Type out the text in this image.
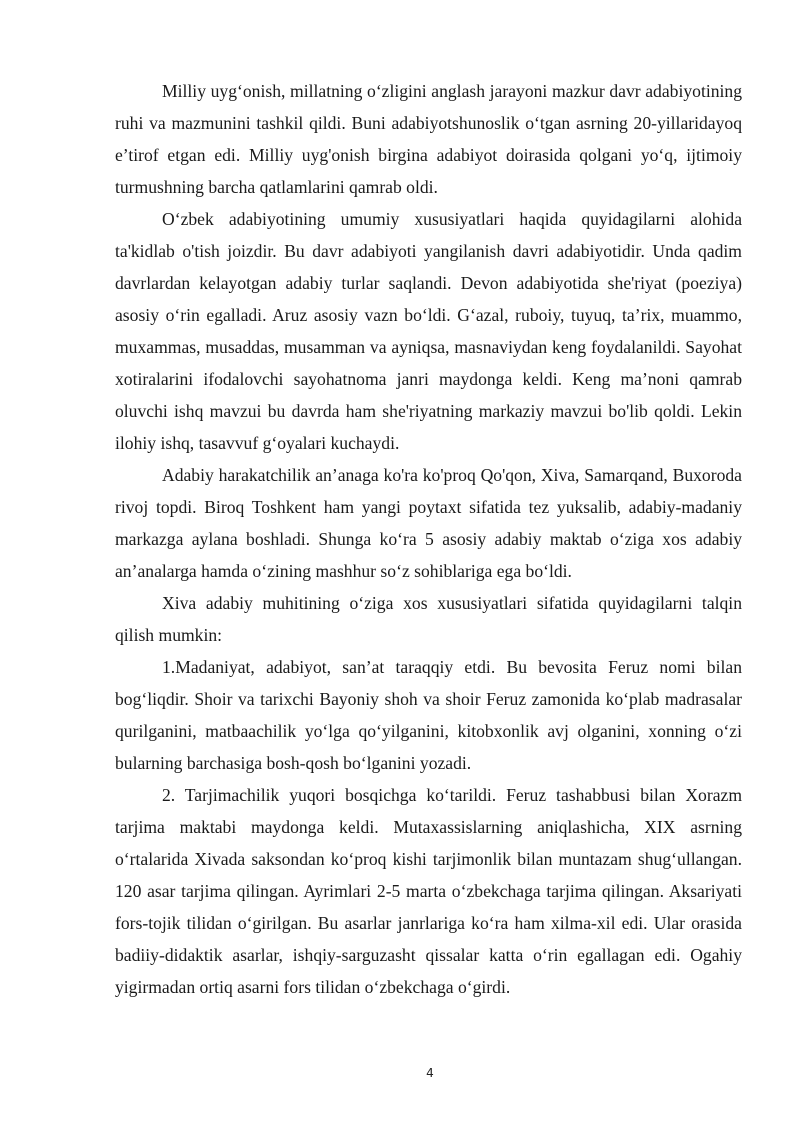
Milliy uyg‘onish, millatning o‘zligini anglash jarayoni mazkur davr adabiyotining ruhi va mazmunini tashkil qildi. Buni adabiyotshunoslik o‘tgan asrning 20-yillaridayoq e’tirof etgan edi. Milliy uyg'onish birgina adabiyot doirasida qolgani yo‘q, ijtimoiy turmushning barcha qatlamlarini qamrab oldi.

O‘zbek adabiyotining umumiy xususiyatlari haqida quyidagilarni alohida ta'kidlab o'tish joizdir. Bu davr adabiyoti yangilanish davri adabiyotidir. Unda qadim davrlardan kelayotgan adabiy turlar saqlandi. Devon adabiyotida she'riyat (poeziya) asosiy o‘rin egalladi. Aruz asosiy vazn bo‘ldi. G‘azal, ruboiy, tuyuq, ta’rix, muammo, muxammas, musaddas, musamman va ayniqsa, masnaviydan keng foydalanildi. Sayohat xotiralarini ifodalovchi sayohatnoma janri maydonga keldi. Keng ma’noni qamrab oluvchi ishq mavzui bu davrda ham she'riyatning markaziy mavzui bo'lib qoldi. Lekin ilohiy ishq, tasavvuf g‘oyalari kuchaydi.

Adabiy harakatchilik an’anaga ko'ra ko'proq Qo'qon, Xiva, Samarqand, Buxoroda rivoj topdi. Biroq Toshkent ham yangi poytaxt sifatida tez yuksalib, adabiy-madaniy markazga aylana boshladi. Shunga ko‘ra 5 asosiy adabiy maktab o‘ziga xos adabiy an’analarga hamda o‘zining mashhur so‘z sohiblariga ega bo‘ldi.

Xiva adabiy muhitining o‘ziga xos xususiyatlari sifatida quyidagilarni talqin qilish mumkin:

1.Madaniyat, adabiyot, san’at taraqqiy etdi. Bu bevosita Feruz nomi bilan bog‘liqdir. Shoir va tarixchi Bayoniy shoh va shoir Feruz zamonida ko‘plab madrasalar qurilganini, matbaachilik yo‘lga qo‘yilganini, kitobxonlik avj olganini, xonning o‘zi bularning barchasiga bosh-qosh bo‘lganini yozadi.

2. Tarjimachilik yuqori bosqichga ko‘tarildi. Feruz tashabbusi bilan Xorazm tarjima maktabi maydonga keldi. Mutaxassislarning aniqlashicha, XIX asrning o‘rtalarida Xivada saksondan ko‘proq kishi tarjimonlik bilan muntazam shug‘ullangan. 120 asar tarjima qilingan. Ayrimlari 2-5 marta o‘zbekchaga tarjima qilingan. Aksariyati fors-tojik tilidan o‘girilgan. Bu asarlar janrlariga ko‘ra ham xilma-xil edi. Ular orasida badiiy-didaktik asarlar, ishqiy-sarguzasht qissalar katta o‘rin egallagan edi. Ogahiy yigirmadan ortiq asarni fors tilidan o‘zbekchaga o‘girdi.

4
